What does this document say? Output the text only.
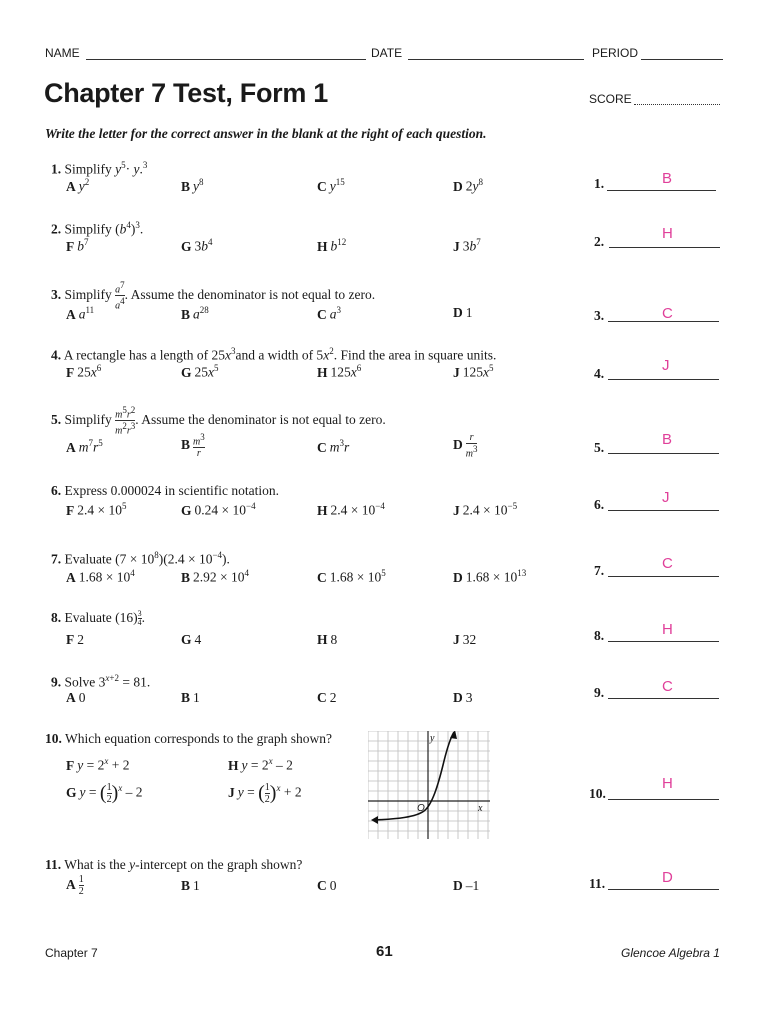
NAME	DATE	PERIOD
Chapter 7 Test, Form 1	SCORE
Write the letter for the correct answer in the blank at the right of each question.
1. Simplify $y^5\cdot y.^3$
A $y^2$	B $y^8$	C $y^{15}$	D $2y^8$	1.	B
2. Simplify $(b^4)^3$.
F $b^7$	G $3b^4$	H $b^{12}$	J $3b^7$	2.	H
3. Simplify $\frac{a^7}{a^4}$ . Assume the denominator is not equal to zero.
A $a^{11}$	B $a^{28}$	C $a^3$	D 1	3.	C
4. A rectangle has a length of $25x^3and$ a width of $5x^2$. Find the area in square units.
F $25x^6$	G $25x^5$	H $125x^6$	J $125x^5$	4.	J
5. Simplify $\frac{m^5r^2}{m^2r^3}$ . Assume the denominator is not equal to zero.
A $m^7r^5$	B $\frac{m^3}{r}$	C $m^3r$	D $\frac{r}{m^3}$	5.	B
6. Express 0.000024 in scientific notation.
F $2.4 \times 10^5$	G $0.24 \times 10^{-4}$	H $2.4 \times 10^{-4}$	J $2.4 \times 10^{-5}$	6.	J
7. Evaluate $(7 \times 10^8)(2.4 \times 10^{-4})$.
A $1.68 \times 10^4$	B $2.92 \times 10^4$	C $1.68 \times 10^5$	D $1.68 \times 10^{13}$	7.	C
8. Evaluate $(16) \frac{3}{4}$ .
F 2	G 4	H 8	J 32	8.	H
9. Solve $3^{x+2} = 81$.
A 0	B 1	C 2	D 3	9.	C
10. Which equation corresponds to the graph shown?
F $y = 2^x + 2$	H $y = 2^x - 2$
G y = ( $\frac{1}{2} )^x - 2$	J y = ( $\frac{1}{2} )^x + 2$	10.
H
O	x
y
11. What is the y-intercept on the graph shown?
A $\frac{1}{2}$	B 1	C 0	D –1	11.	D
Chapter 7	61	Glencoe Algebra 1
